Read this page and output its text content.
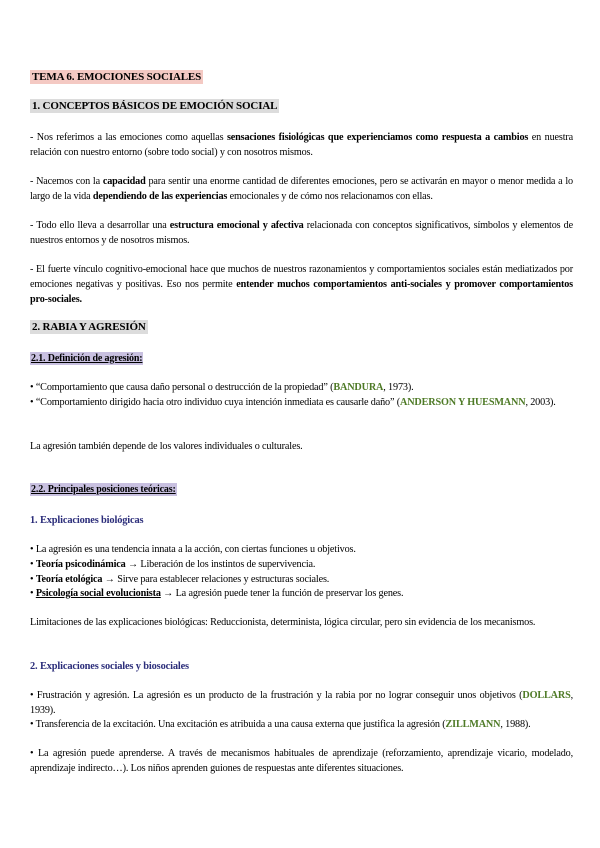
TEMA 6. EMOCIONES SOCIALES
1. CONCEPTOS BÁSICOS DE EMOCIÓN SOCIAL
- Nos referimos a las emociones como aquellas sensaciones fisiológicas que experienciamos como respuesta a cambios en nuestra relación con nuestro entorno (sobre todo social) y con nosotros mismos.
- Nacemos con la capacidad para sentir una enorme cantidad de diferentes emociones, pero se activarán en mayor o menor medida a lo largo de la vida dependiendo de las experiencias emocionales y de cómo nos relacionamos con ellas.
- Todo ello lleva a desarrollar una estructura emocional y afectiva relacionada con conceptos significativos, símbolos y elementos de nuestros entornos y de nosotros mismos.
- El fuerte vínculo cognitivo-emocional hace que muchos de nuestros razonamientos y comportamientos sociales están mediatizados por emociones negativas y positivas. Eso nos permite entender muchos comportamientos anti-sociales y promover comportamientos pro-sociales.
2. RABIA Y AGRESIÓN
2.1. Definición de agresión:
• “Comportamiento que causa daño personal o destrucción de la propiedad” (BANDURA, 1973).
• “Comportamiento dirigido hacia otro individuo cuya intención inmediata es causarle daño” (ANDERSON Y HUESMANN, 2003).
La agresión también depende de los valores individuales o culturales.
2.2. Principales posiciones teóricas:
1. Explicaciones biológicas
• La agresión es una tendencia innata a la acción, con ciertas funciones u objetivos.
• Teoría psicodinámica → Liberación de los instintos de supervivencia.
• Teoría etológica → Sirve para establecer relaciones y estructuras sociales.
• Psicología social evolucionista → La agresión puede tener la función de preservar los genes.
Limitaciones de las explicaciones biológicas: Reduccionista, determinista, lógica circular, pero sin evidencia de los mecanismos.
2. Explicaciones sociales y biosociales
• Frustración y agresión. La agresión es un producto de la frustración y la rabia por no lograr conseguir unos objetivos (DOLLARS, 1939).
• Transferencia de la excitación. Una excitación es atribuida a una causa externa que justifica la agresión (ZILLMANN, 1988).
• La agresión puede aprenderse. A través de mecanismos habituales de aprendizaje (reforzamiento, aprendizaje vicario, modelado, aprendizaje indirecto…). Los niños aprenden guiones de respuestas ante diferentes situaciones.
